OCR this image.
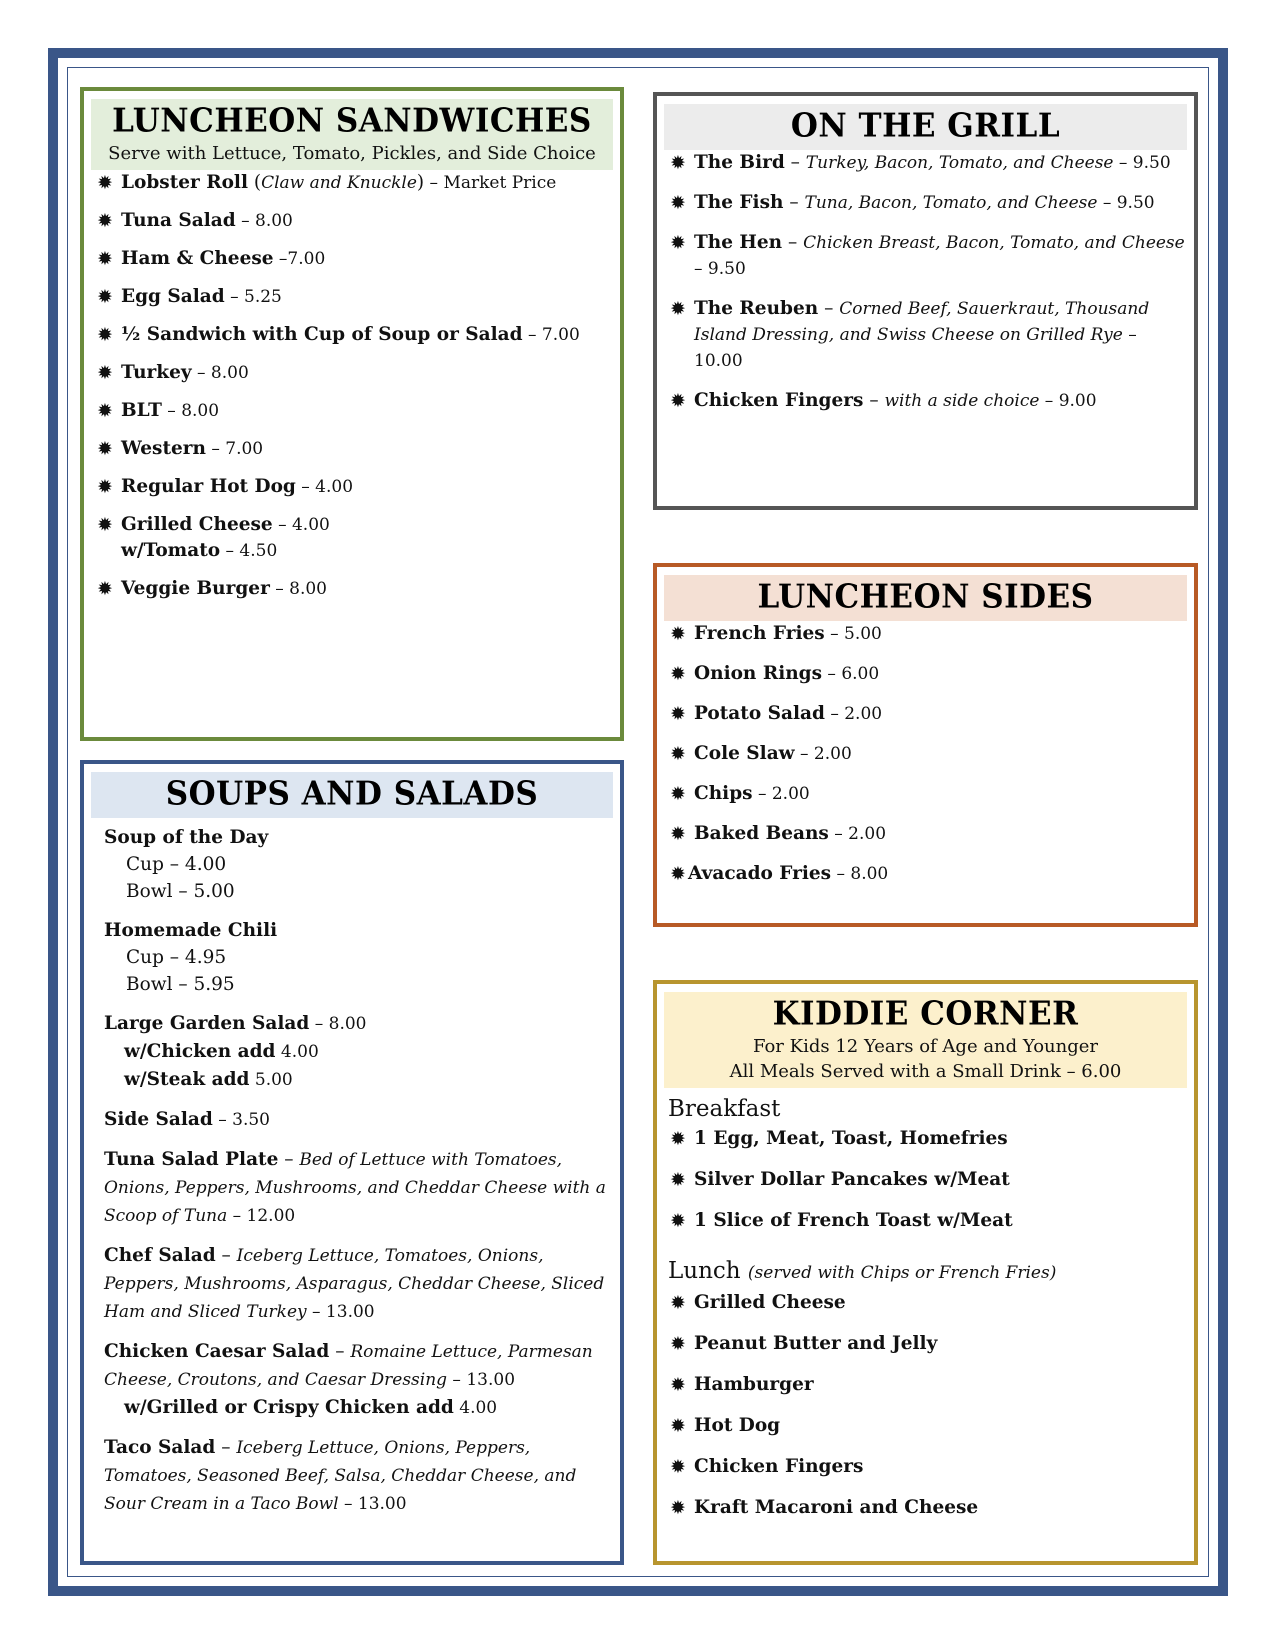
LUNCHEON SANDWICHES
Serve with Lettuce, Tomato, Pickles, and Side Choice
✹ Lobster Roll (Claw and Knuckle) – Market Price
✹ Tuna Salad – 8.00
✹ Ham & Cheese –7.00
✹ Egg Salad – 5.25
✹ ½ Sandwich with Cup of Soup or Salad – 7.00
✹ Turkey – 8.00
✹ BLT – 8.00
✹ Western – 7.00
✹ Regular Hot Dog – 4.00
✹ Grilled Cheese – 4.00
w/Tomato – 4.50
✹ Veggie Burger – 8.00
ON THE GRILL
✹ The Bird – Turkey, Bacon, Tomato, and Cheese – 9.50
✹ The Fish – Tuna, Bacon, Tomato, and Cheese – 9.50
✹ The Hen – Chicken Breast, Bacon, Tomato, and Cheese – 9.50
✹ The Reuben – Corned Beef, Sauerkraut, Thousand Island Dressing, and Swiss Cheese on Grilled Rye – 10.00
✹ Chicken Fingers – with a side choice – 9.00
LUNCHEON SIDES
✹ French Fries – 5.00
✹ Onion Rings – 6.00
✹ Potato Salad – 2.00
✹ Cole Slaw – 2.00
✹ Chips – 2.00
✹ Baked Beans – 2.00
✹ Avacado Fries – 8.00
KIDDIE CORNER
For Kids 12 Years of Age and Younger
All Meals Served with a Small Drink – 6.00
Breakfast
✹ 1 Egg, Meat, Toast, Homefries
✹ Silver Dollar Pancakes w/Meat
✹ 1 Slice of French Toast w/Meat
Lunch (served with Chips or French Fries)
✹ Grilled Cheese
✹ Peanut Butter and Jelly
✹ Hamburger
✹ Hot Dog
✹ Chicken Fingers
✹ Kraft Macaroni and Cheese
SOUPS AND SALADS
Soup of the Day
Cup – 4.00
Bowl – 5.00
Homemade Chili
Cup – 4.95
Bowl – 5.95
Large Garden Salad – 8.00
w/Chicken add 4.00
w/Steak add 5.00
Side Salad – 3.50
Tuna Salad Plate – Bed of Lettuce with Tomatoes, Onions, Peppers, Mushrooms, and Cheddar Cheese with a Scoop of Tuna – 12.00
Chef Salad – Iceberg Lettuce, Tomatoes, Onions, Peppers, Mushrooms, Asparagus, Cheddar Cheese, Sliced Ham and Sliced Turkey – 13.00
Chicken Caesar Salad – Romaine Lettuce, Parmesan Cheese, Croutons, and Caesar Dressing – 13.00
w/Grilled or Crispy Chicken add 4.00
Taco Salad – Iceberg Lettuce, Onions, Peppers, Tomatoes, Seasoned Beef, Salsa, Cheddar Cheese, and Sour Cream in a Taco Bowl – 13.00
